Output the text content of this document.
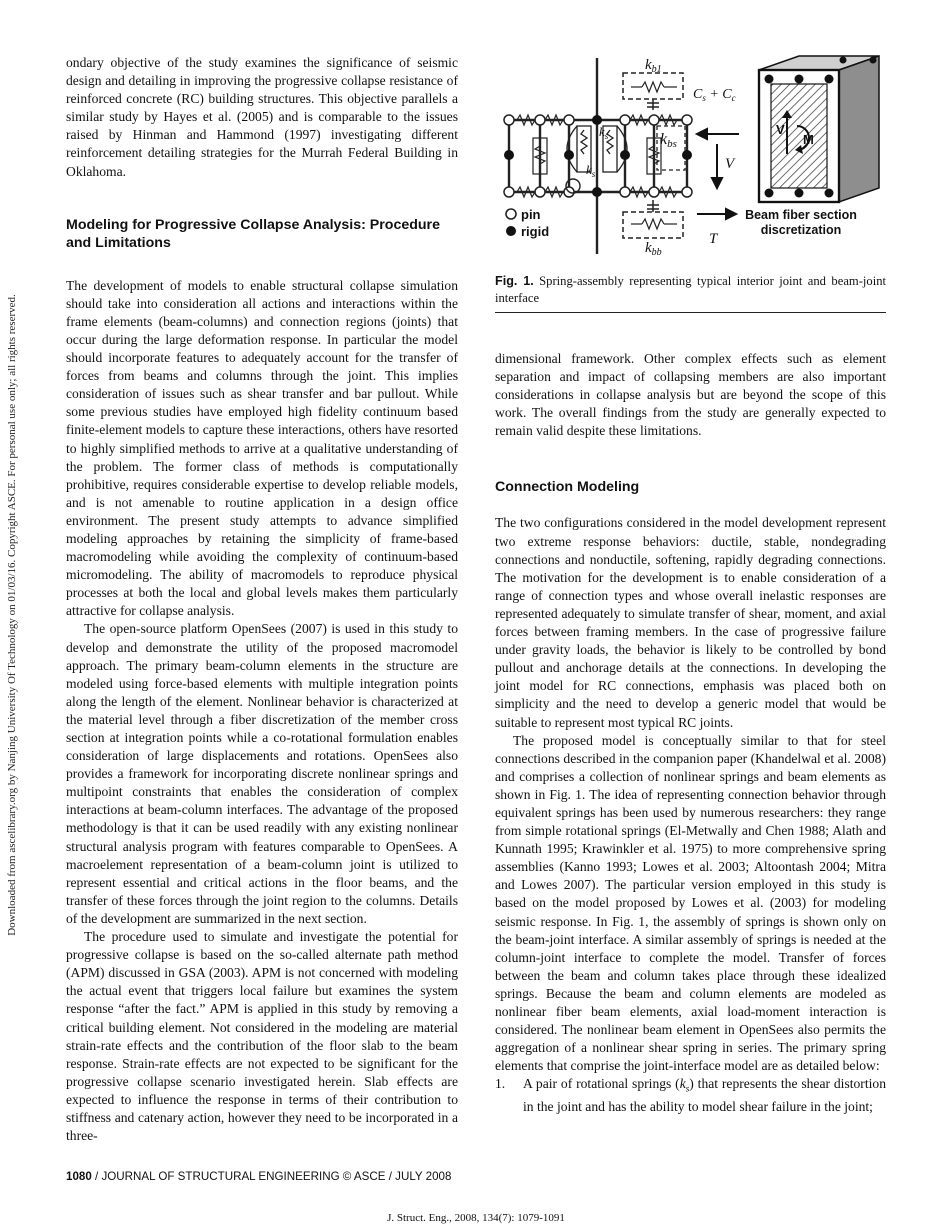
Downloaded from ascelibrary.org by Nanjing University Of Technology on 01/03/16. Copyright ASCE. For personal use only; all rights reserved.

ondary objective of the study examines the significance of seismic design and detailing in improving the progressive collapse resistance of reinforced concrete (RC) building structures. This objective parallels a similar study by Hayes et al. (2005) and is comparable to the issues raised by Hinman and Hammond (1997) investigating different reinforcement detailing strategies for the Murrah Federal Building in Oklahoma.

Modeling for Progressive Collapse Analysis: Procedure and Limitations

The development of models to enable structural collapse simulation should take into consideration all actions and interactions within the frame elements (beam-columns) and connection regions (joints) that occur during the large deformation response. In particular the model should incorporate features to adequately account for the transfer of forces from beams and columns through the joint. This implies consideration of issues such as shear transfer and bar pullout. While some previous studies have employed high fidelity continuum based finite-element models to capture these interactions, others have resorted to highly simplified methods to arrive at a qualitative understanding of the problem. The former class of methods is computationally prohibitive, requires considerable expertise to develop reliable models, and is not amenable to routine application in a design office environment. The present study attempts to advance simplified modeling approaches by retaining the simplicity of frame-based macromodeling while avoiding the complexity of continuum-based micromodeling. The ability of macromodels to reproduce physical processes at both the local and global levels makes them particularly attractive for collapse analysis.

The open-source platform OpenSees (2007) is used in this study to develop and demonstrate the utility of the proposed macromodel approach. The primary beam-column elements in the structure are modeled using force-based elements with multiple integration points along the length of the element. Nonlinear behavior is characterized at the material level through a fiber discretization of the member cross section at integration points while a co-rotational formulation enables consideration of large displacements and rotations. OpenSees also provides a framework for incorporating discrete nonlinear springs and multipoint constraints that enables the consideration of complex interactions at beam-column interfaces. The advantage of the proposed methodology is that it can be used readily with any existing nonlinear structural analysis program with features comparable to OpenSees. A macroelement representation of a beam-column joint is utilized to represent essential and critical actions in the floor beams, and the transfer of these forces through the joint region to the columns. Details of the development are summarized in the next section.

The procedure used to simulate and investigate the potential for progressive collapse is based on the so-called alternate path method (APM) discussed in GSA (2003). APM is not concerned with modeling the actual event that triggers local failure but examines the system response “after the fact.” APM is applied in this study by removing a critical building element. Not considered in the modeling are material strain-rate effects and the contribution of the floor slab to the beam response. Strain-rate effects are not expected to be significant for the progressive collapse scenario investigated herein. Slab effects are expected to influence the response in terms of their contribution to stiffness and catenary action, however they need to be incorporated in a three-

$k_{b1}$
$k_s$
$k_s$
kbs
$k_{bb}$
$C_s + C_c$
V
T
V
M
pin
rigid
Beam fiber section
discretization
Fig. 1. Spring-assembly representing typical interior joint and beam-joint interface

dimensional framework. Other complex effects such as element separation and impact of collapsing members are also important considerations in collapse analysis but are beyond the scope of this work. The overall findings from the study are generally expected to remain valid despite these limitations.

Connection Modeling

The two configurations considered in the model development represent two extreme response behaviors: ductile, stable, nondegrading connections and nonductile, softening, rapidly degrading connections. The motivation for the development is to enable consideration of a range of connection types and whose overall inelastic responses are represented adequately to simulate transfer of shear, moment, and axial forces between framing members. In the case of progressive failure under gravity loads, the behavior is likely to be controlled by bond pullout and anchorage details at the connections. In developing the joint model for RC connections, emphasis was placed both on simplicity and the need to develop a generic model that would be suitable to represent most typical RC joints.

The proposed model is conceptually similar to that for steel connections described in the companion paper (Khandelwal et al. 2008) and comprises a collection of nonlinear springs and beam elements as shown in Fig. 1. The idea of representing connection behavior through equivalent springs has been used by numerous researchers: they range from simple rotational springs (El-Metwally and Chen 1988; Alath and Kunnath 1995; Krawinkler et al. 1975) to more comprehensive spring assemblies (Kanno 1993; Lowes et al. 2003; Altoontash 2004; Mitra and Lowes 2007). The particular version employed in this study is based on the model proposed by Lowes et al. (2003) for modeling seismic response. In Fig. 1, the assembly of springs is shown only on the beam-joint interface. A similar assembly of springs is needed at the column-joint interface to complete the model. Transfer of forces between the beam and column takes place through these idealized springs. Because the beam and column elements are modeled as nonlinear fiber beam elements, axial load-moment interaction is considered. The nonlinear beam element in OpenSees also permits the aggregation of a nonlinear shear spring in series. The primary spring elements that comprise the joint-interface model are as detailed below:

1. A pair of rotational springs $(k_s)$ that represents the shear distortion in the joint and has the ability to model shear failure in the joint;
1080 / JOURNAL OF STRUCTURAL ENGINEERING © ASCE / JULY 2008
J. Struct. Eng., 2008, 134(7): 1079-1091
